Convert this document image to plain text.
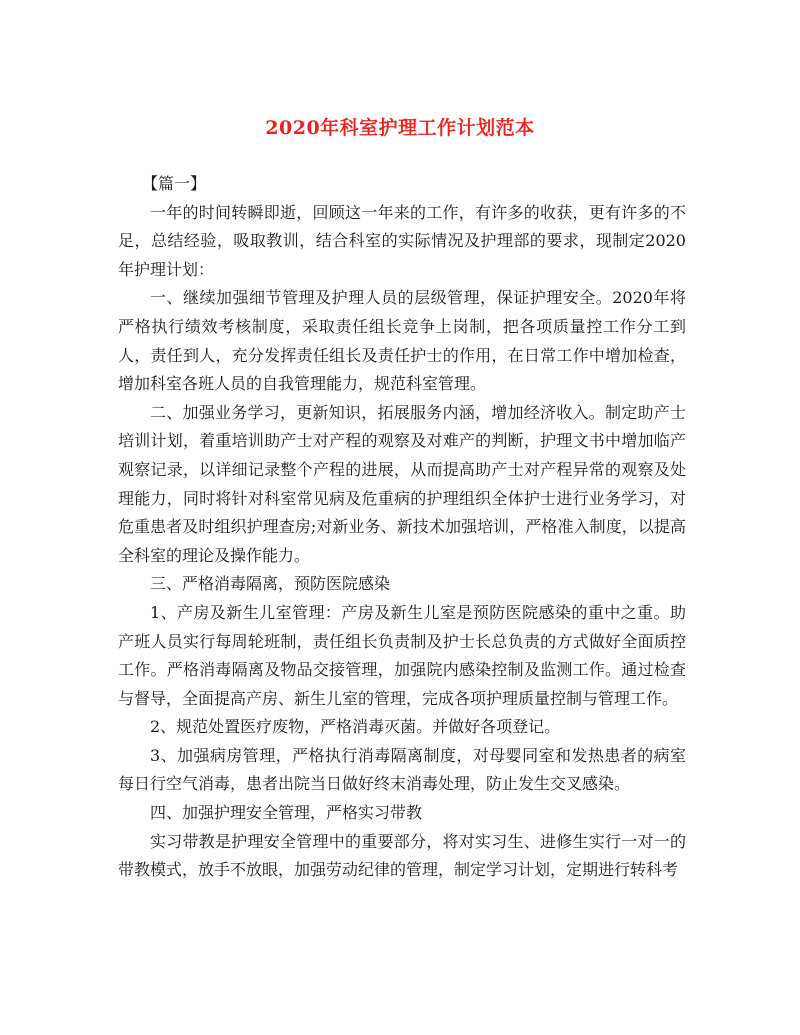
2020年科室护理工作计划范本

【篇一】

一年的时间转瞬即逝，回顾这一年来的工作，有许多的收获，更有许多的不足，总结经验，吸取教训，结合科室的实际情况及护理部的要求，现制定2020年护理计划：

一、继续加强细节管理及护理人员的层级管理，保证护理安全。2020年将严格执行绩效考核制度，采取责任组长竞争上岗制，把各项质量控工作分工到人，责任到人，充分发挥责任组长及责任护士的作用，在日常工作中增加检查，增加科室各班人员的自我管理能力，规范科室管理。

二、加强业务学习，更新知识，拓展服务内涵，增加经济收入。制定助产士培训计划，着重培训助产士对产程的观察及对难产的判断，护理文书中增加临产观察记录，以详细记录整个产程的进展，从而提高助产士对产程异常的观察及处理能力，同时将针对科室常见病及危重病的护理组织全体护士进行业务学习，对危重患者及时组织护理查房;对新业务、新技术加强培训，严格准入制度，以提高全科室的理论及操作能力。

三、严格消毒隔离，预防医院感染

1、产房及新生儿室管理：产房及新生儿室是预防医院感染的重中之重。助产班人员实行每周轮班制，责任组长负责制及护士长总负责的方式做好全面质控工作。严格消毒隔离及物品交接管理，加强院内感染控制及监测工作。通过检查与督导，全面提高产房、新生儿室的管理，完成各项护理质量控制与管理工作。

2、规范处置医疗废物，严格消毒灭菌。并做好各项登记。

3、加强病房管理，严格执行消毒隔离制度，对母婴同室和发热患者的病室每日行空气消毒，患者出院当日做好终末消毒处理，防止发生交叉感染。

四、加强护理安全管理，严格实习带教

实习带教是护理安全管理中的重要部分，将对实习生、进修生实行一对一的带教模式，放手不放眼，加强劳动纪律的管理，制定学习计划，定期进行转科考
